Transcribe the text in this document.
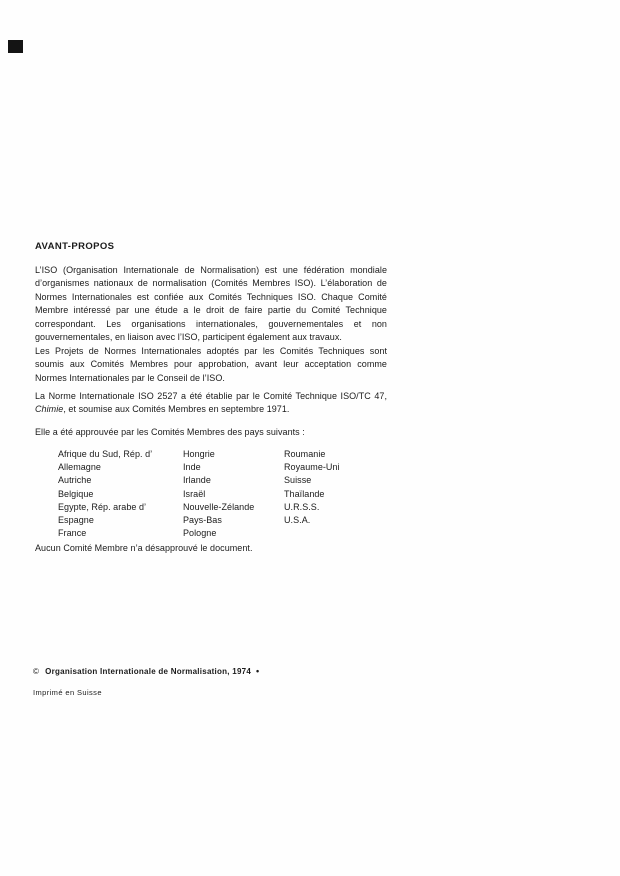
AVANT-PROPOS
L’ISO (Organisation Internationale de Normalisation) est une fédération mondiale d’organismes nationaux de normalisation (Comités Membres ISO). L’élaboration de Normes Internationales est confiée aux Comités Techniques ISO. Chaque Comité Membre intéressé par une étude a le droit de faire partie du Comité Technique correspondant. Les organisations internationales, gouvernementales et non gouvernementales, en liaison avec l’ISO, participent également aux travaux.
Les Projets de Normes Internationales adoptés par les Comités Techniques sont soumis aux Comités Membres pour approbation, avant leur acceptation comme Normes Internationales par le Conseil de l’ISO.
La Norme Internationale ISO 2527 a été établie par le Comité Technique ISO/TC 47, Chimie, et soumise aux Comités Membres en septembre 1971.
Elle a été approuvée par les Comités Membres des pays suivants :
Afrique du Sud, Rép. d’
Allemagne
Autriche
Belgique
Egypte, Rép. arabe d’
Espagne
France
Hongrie
Inde
Irlande
Israël
Nouvelle-Zélande
Pays-Bas
Pologne
Roumanie
Royaume-Uni
Suisse
Thaïlande
U.R.S.S.
U.S.A.
Aucun Comité Membre n’a désapprouvé le document.
© Organisation Internationale de Normalisation, 1974 •
Imprimé en Suisse
